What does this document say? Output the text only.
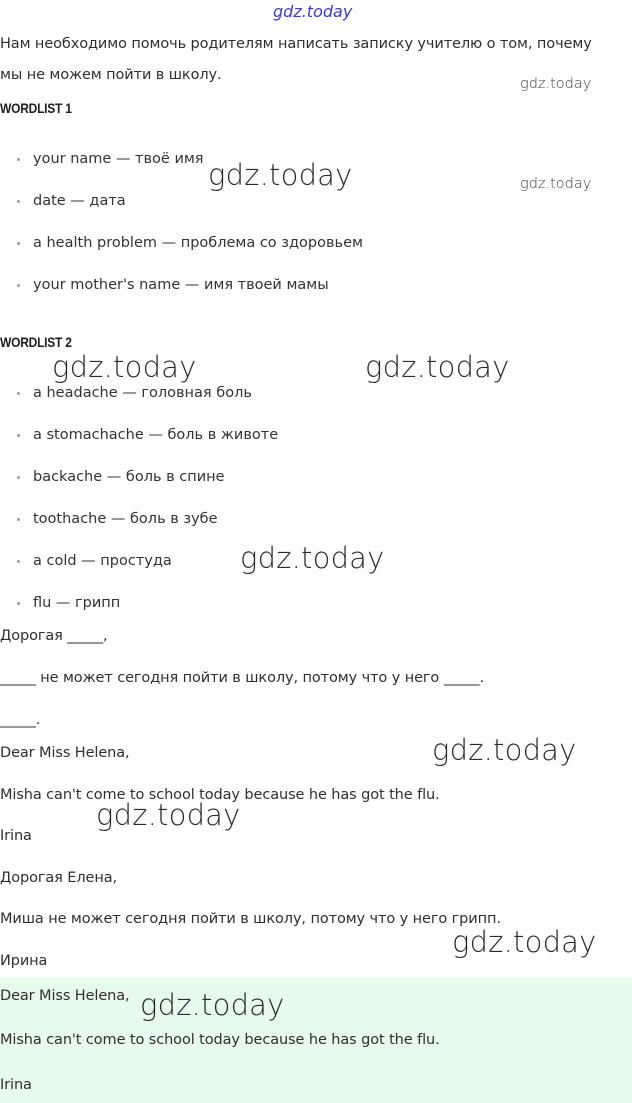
gdz.today
Нам необходимо помочь родителям написать записку учителю о том, почему
мы не можем пойти в школу.
gdz.today
WORDLIST 1
your name — твоё имя
date — дата
a health problem — проблема со здоровьем
your mother's name — имя твоей мамы
gdz.today	gdz.today
WORDLIST 2
gdz.today	gdz.today
a headache — головная боль
a stomachache — боль в животе
backache — боль в спине
toothache — боль в зубе
a cold — простуда
flu — грипп
gdz.today
Дорогая _____,
_____ не может сегодня пойти в школу, потому что у него _____.
_____.
Dear Miss Helena,	gdz.today
Misha can't come to school today because he has got the flu.
gdz.today
Irina
Дорогая Елена,
Миша не может сегодня пойти в школу, потому что у него грипп.
Ирина
gdz.today
Dear Miss Helena,
Misha can't come to school today because he has got the flu.
Irina
gdz.today
